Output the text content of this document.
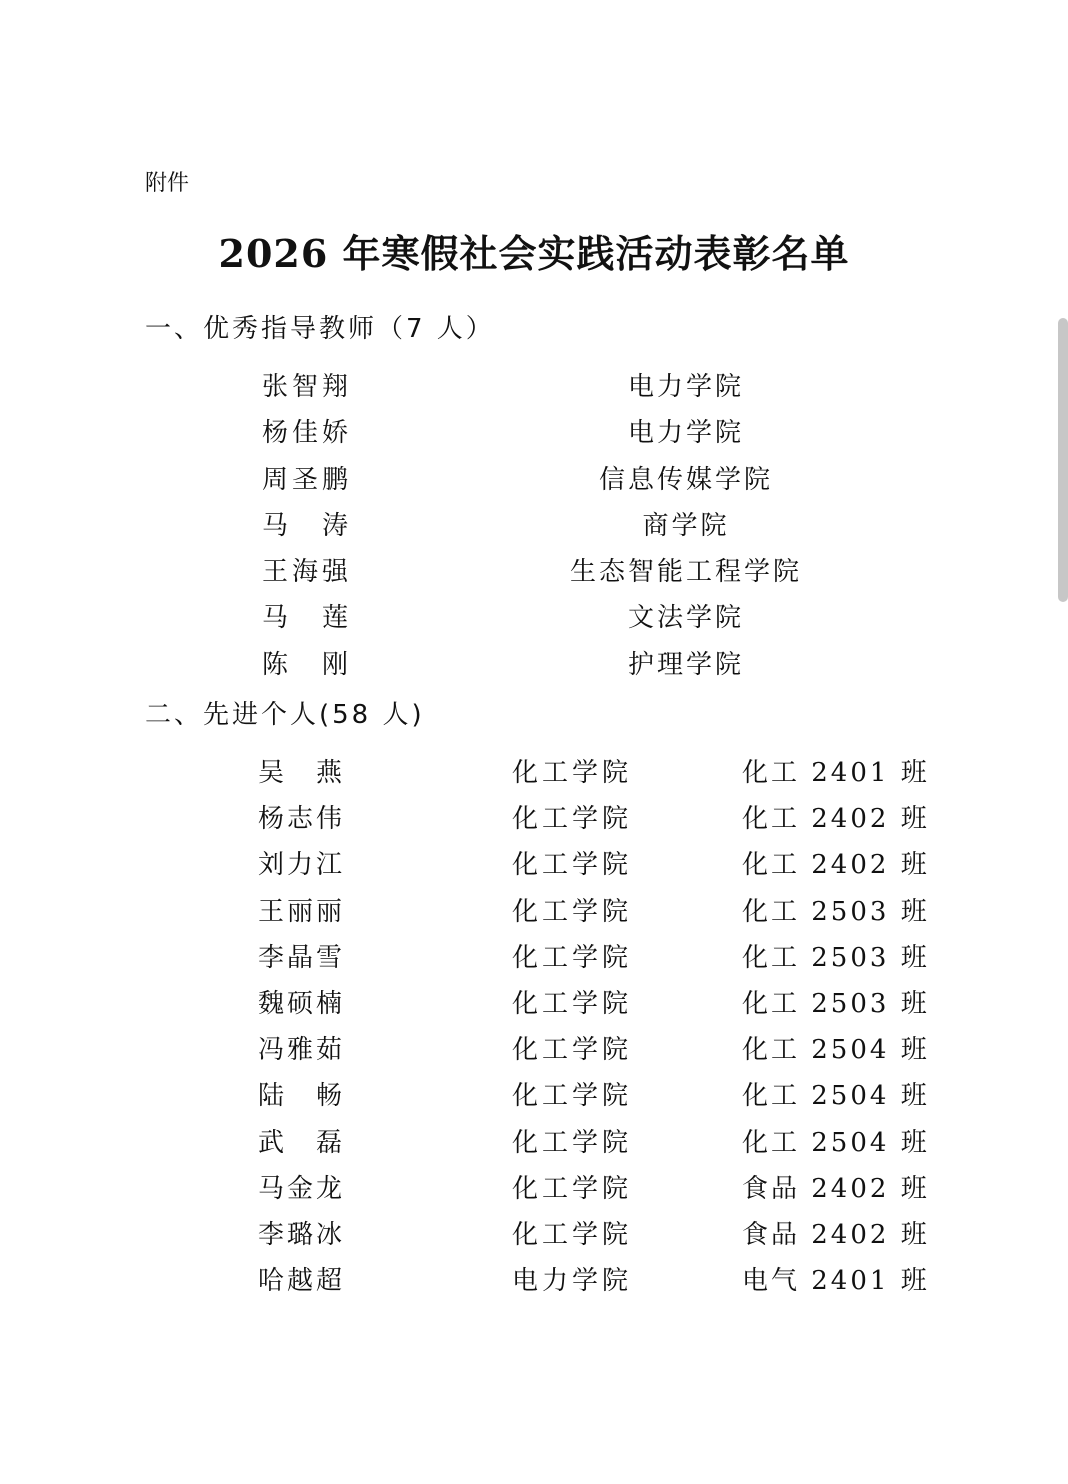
附件
2026 年寒假社会实践活动表彰名单
一、优秀指导教师（7 人）
张智翔	电力学院
杨佳娇	电力学院
周圣鹏	信息传媒学院
马涛	商学院
王海强	生态智能工程学院
马莲	文法学院
陈刚	护理学院
二、先进个人(58 人)
吴燕	化工学院	化工 2401 班
杨志伟	化工学院	化工 2402 班
刘力江	化工学院	化工 2402 班
王丽丽	化工学院	化工 2503 班
李晶雪	化工学院	化工 2503 班
魏硕楠	化工学院	化工 2503 班
冯雅茹	化工学院	化工 2504 班
陆畅	化工学院	化工 2504 班
武磊	化工学院	化工 2504 班
马金龙	化工学院	食品 2402 班
李璐冰	化工学院	食品 2402 班
哈越超	电力学院	电气 2401 班
